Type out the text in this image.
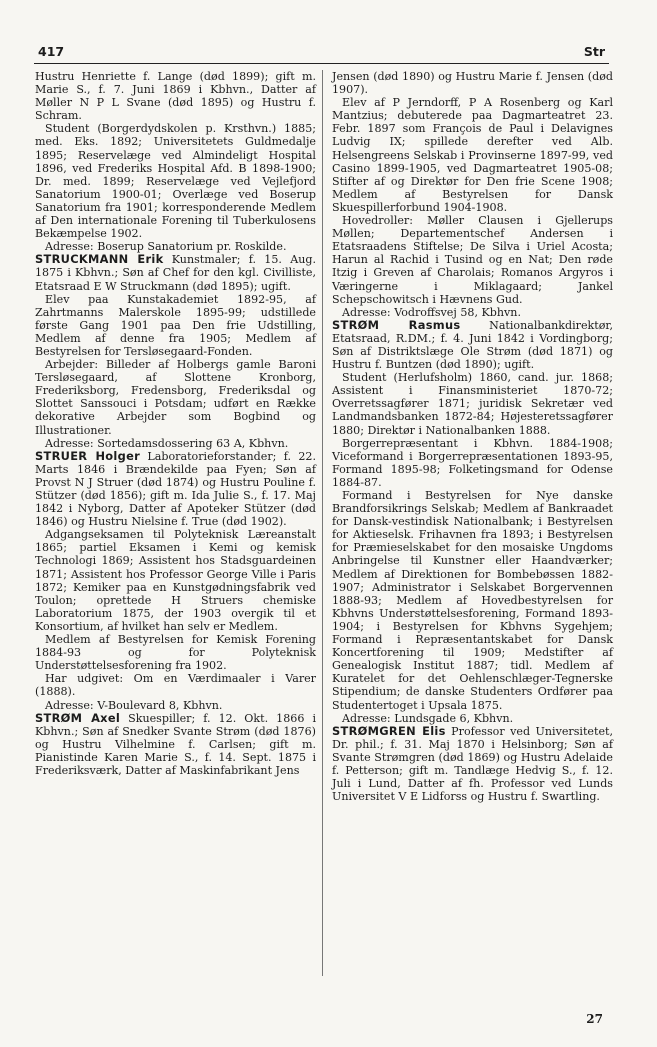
417	Str

Hustru Henriette f. Lange (død 1899); gift m. Marie S., f. 7. Juni 1869 i Kbhvn., Datter af Møller N P L Svane (død 1895) og Hustru f. Schram.

Student (Borgerdydskolen p. Krsthvn.) 1885; med. Eks. 1892; Universitetets Guldmedalje 1895; Reservelæge ved Almindeligt Hospital 1896, ved Frederiks Hospital Afd. B 1898-1900; Dr. med. 1899; Reservelæge ved Vejlefjord Sanatorium 1900-01; Overlæge ved Boserup Sanatorium fra 1901; korresponderende Medlem af Den internationale Forening til Tuberkulosens Bekæmpelse 1902.

Adresse: Boserup Sanatorium pr. Roskilde.

STRUCKMANN Erik Kunstmaler; f. 15. Aug. 1875 i Kbhvn.; Søn af Chef for den kgl. Civilliste, Etatsraad E W Struckmann (død 1895); ugift.

Elev paa Kunstakademiet 1892-95, af Zahrtmanns Malerskole 1895-99; udstillede første Gang 1901 paa Den frie Udstilling, Medlem af denne fra 1905; Medlem af Bestyrelsen for Tersløsegaard-Fonden.

Arbejder: Billeder af Holbergs gamle Baroni Tersløsegaard, af Slottene Kronborg, Frederiksborg, Fredensborg, Frederiksdal og Slottet Sanssouci i Potsdam; udført en Række dekorative Arbejder som Bogbind og Illustrationer.

Adresse: Sortedamsdossering 63 A, Kbhvn.

STRUER Holger Laboratorieforstander; f. 22. Marts 1846 i Brændekilde paa Fyen; Søn af Provst N J Struer (død 1874) og Hustru Pouline f. Stützer (død 1856); gift m. Ida Julie S., f. 17. Maj 1842 i Nyborg, Datter af Apoteker Stützer (død 1846) og Hustru Nielsine f. True (død 1902).

Adgangseksamen til Polyteknisk Læreanstalt 1865; partiel Eksamen i Kemi og kemisk Technologi 1869; Assistent hos Stadsguardeinen 1871; Assistent hos Professor George Ville i Paris 1872; Kemiker paa en Kunstgødningsfabrik ved Toulon; oprettede H Struers chemiske Laboratorium 1875, der 1903 overgik til et Konsortium, af hvilket han selv er Medlem.

Medlem af Bestyrelsen for Kemisk Forening 1884-93 og for Polyteknisk Understøttelsesforening fra 1902.

Har udgivet: Om en Værdimaaler i Varer (1888).

Adresse: V-Boulevard 8, Kbhvn.

STRØM Axel Skuespiller; f. 12. Okt. 1866 i Kbhvn.; Søn af Snedker Svante Strøm (død 1876) og Hustru Vilhelmine f. Carlsen; gift m. Pianistinde Karen Marie S., f. 14. Sept. 1875 i Frederiksværk, Datter af Maskinfabrikant Jens

Jensen (død 1890) og Hustru Marie f. Jensen (død 1907).

Elev af P Jerndorff, P A Rosenberg og Karl Mantzius; debuterede paa Dagmarteatret 23. Febr. 1897 som François de Paul i Delavignes Ludvig IX; spillede derefter ved Alb. Helsengreens Selskab i Provinserne 1897-99, ved Casino 1899-1905, ved Dagmarteatret 1905-08; Stifter af og Direktør for Den frie Scene 1908; Medlem af Bestyrelsen for Dansk Skuespillerforbund 1904-1908.

Hovedroller: Møller Clausen i Gjellerups Møllen; Departementschef Andersen i Etatsraadens Stiftelse; De Silva i Uriel Acosta; Harun al Rachid i Tusind og en Nat; Den røde Itzig i Greven af Charolais; Romanos Argyros i Væringerne i Miklagaard; Jankel Schepschowitsch i Hævnens Gud.

Adresse: Vodroffsvej 58, Kbhvn.

STRØM Rasmus	Nationalbankdirektør, Etatsraad, R.DM.; f. 4. Juni 1842 i Vordingborg; Søn af Distriktslæge Ole Strøm (død 1871) og Hustru f. Buntzen (død 1890); ugift.

Student (Herlufsholm) 1860, cand. jur. 1868; Assistent i Finansministeriet 1870-72; Overretssagfører 1871; juridisk Sekretær ved Landmandsbanken 1872-84; Højesteretssagfører 1880; Direktør i Nationalbanken 1888.

Borgerrepræsentant i Kbhvn. 1884-1908; Viceformand i Borgerrepræsentationen 1893-95, Formand 1895-98; Folketingsmand for Odense 1884-87.

Formand i Bestyrelsen for Nye danske Brandforsikrings Selskab; Medlem af Bankraadet for Dansk-vestindisk Nationalbank; i Bestyrelsen for Aktieselsk. Frihavnen fra 1893; i Bestyrelsen for Præmieselskabet for den mosaiske Ungdoms Anbringelse til Kunstner eller Haandværker; Medlem af Direktionen for Bombebøssen 1882-1907; Administrator i Selskabet Borgervennen 1888-93; Medlem af Hovedbestyrelsen for Kbhvns Understøttelsesforening, Formand 1893-1904; i Bestyrelsen for Kbhvns Sygehjem; Formand i Repræsentantskabet for Dansk Koncertforening til 1909; Medstifter af Genealogisk Institut 1887; tidl. Medlem af Kuratelet for det Oehlenschlæger-Tegnerske Stipendium; de danske Studenters Ordfører paa Studentertoget i Upsala 1875.

Adresse: Lundsgade 6, Kbhvn.

STRØMGREN Elis Professor ved Universitetet, Dr. phil.; f. 31. Maj 1870 i Helsinborg; Søn af Svante Strømgren (død 1869) og Hustru Adelaide f. Petterson; gift m. Tandlæge Hedvig S., f. 12. Juli i Lund, Datter af fh. Professor ved Lunds Universitet V E Lidforss og Hustru f. Swartling.

27
